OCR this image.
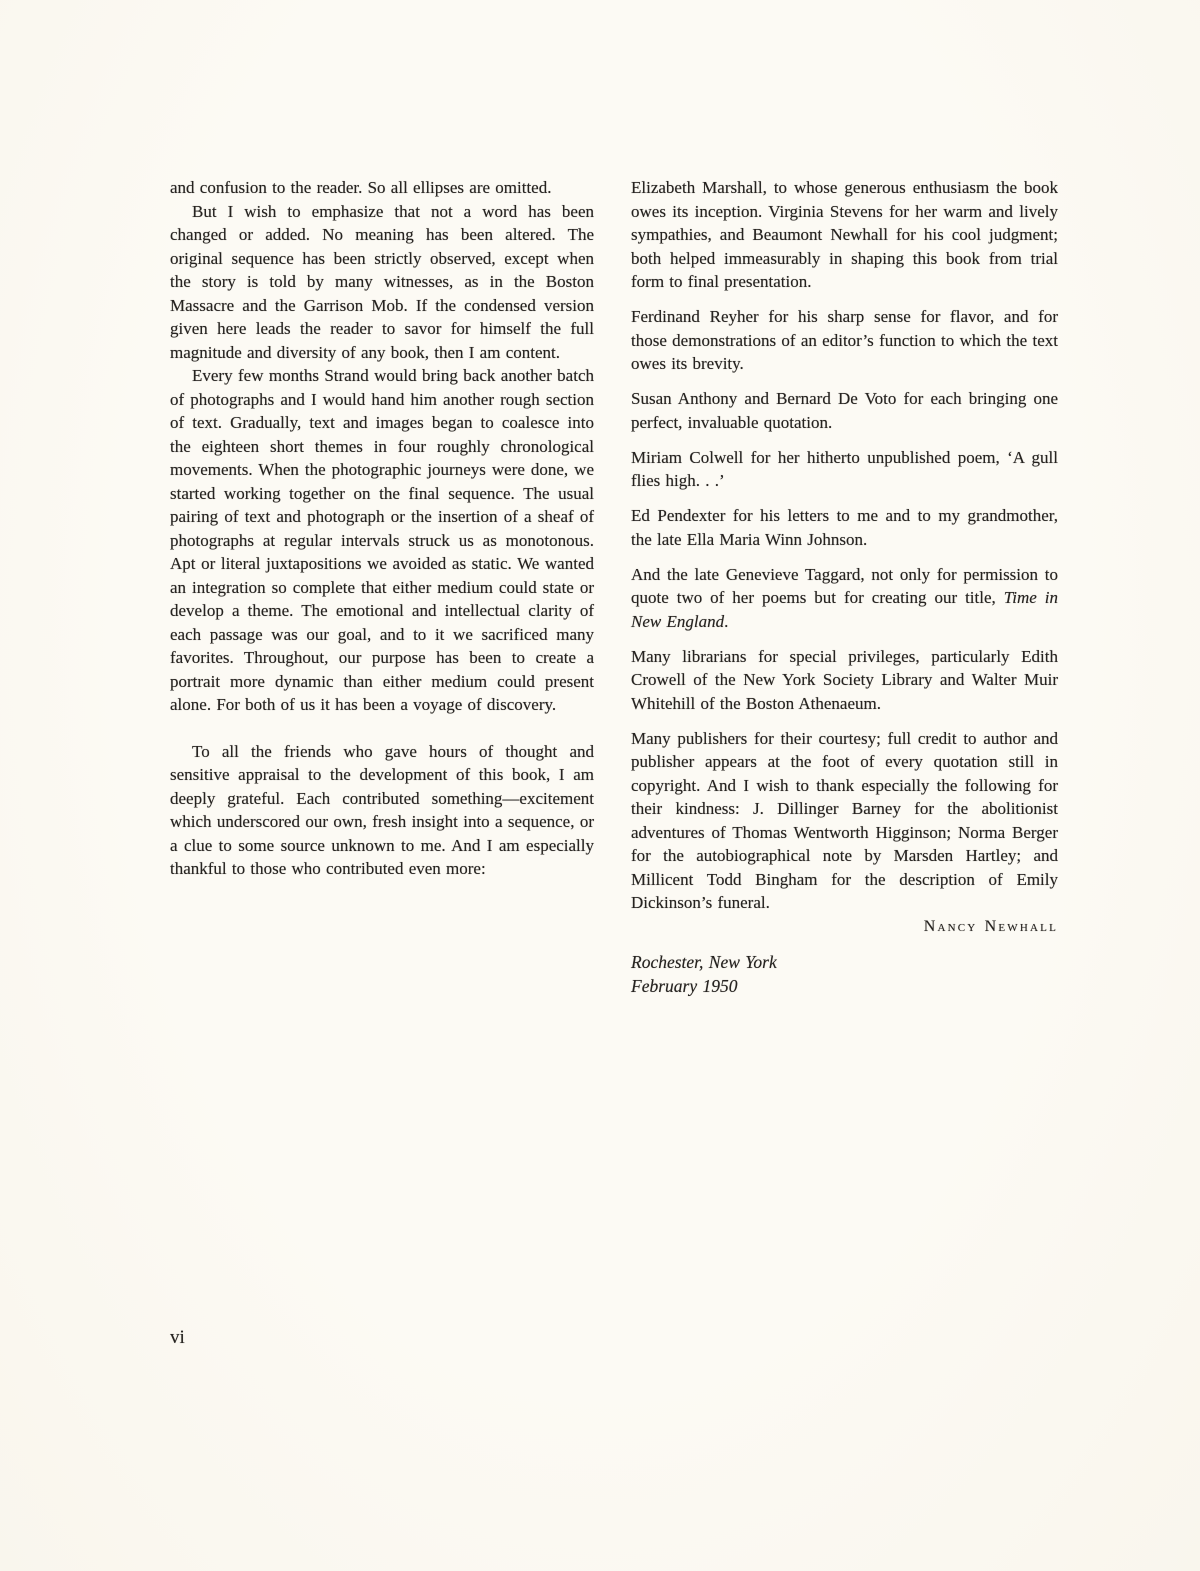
and confusion to the reader. So all ellipses are omitted.

But I wish to emphasize that not a word has been changed or added. No meaning has been altered. The original sequence has been strictly observed, except when the story is told by many witnesses, as in the Boston Massacre and the Garrison Mob. If the condensed version given here leads the reader to savor for himself the full magnitude and diversity of any book, then I am content.

Every few months Strand would bring back another batch of photographs and I would hand him another rough section of text. Gradually, text and images began to coalesce into the eighteen short themes in four roughly chronological movements. When the photographic journeys were done, we started working together on the final sequence. The usual pairing of text and photograph or the insertion of a sheaf of photographs at regular intervals struck us as monotonous. Apt or literal juxtapositions we avoided as static. We wanted an integration so complete that either medium could state or develop a theme. The emotional and intellectual clarity of each passage was our goal, and to it we sacrificed many favorites. Throughout, our purpose has been to create a portrait more dynamic than either medium could present alone. For both of us it has been a voyage of discovery.

To all the friends who gave hours of thought and sensitive appraisal to the development of this book, I am deeply grateful. Each contributed something—excitement which underscored our own, fresh insight into a sequence, or a clue to some source unknown to me. And I am especially thankful to those who contributed even more:

Elizabeth Marshall, to whose generous enthusiasm the book owes its inception. Virginia Stevens for her warm and lively sympathies, and Beaumont Newhall for his cool judgment; both helped immeasurably in shaping this book from trial form to final presentation.

Ferdinand Reyher for his sharp sense for flavor, and for those demonstrations of an editor’s function to which the text owes its brevity.

Susan Anthony and Bernard De Voto for each bringing one perfect, invaluable quotation.

Miriam Colwell for her hitherto unpublished poem, ‘A gull flies high. . .’

Ed Pendexter for his letters to me and to my grandmother, the late Ella Maria Winn Johnson.

And the late Genevieve Taggard, not only for permission to quote two of her poems but for creating our title, Time in New England.

Many librarians for special privileges, particularly Edith Crowell of the New York Society Library and Walter Muir Whitehill of the Boston Athenaeum.

Many publishers for their courtesy; full credit to author and publisher appears at the foot of every quotation still in copyright. And I wish to thank especially the following for their kindness: J. Dillinger Barney for the abolitionist adventures of Thomas Wentworth Higginson; Norma Berger for the autobiographical note by Marsden Hartley; and Millicent Todd Bingham for the description of Emily Dickinson’s funeral.

Nancy Newhall

Rochester, New York
February 1950
vi
